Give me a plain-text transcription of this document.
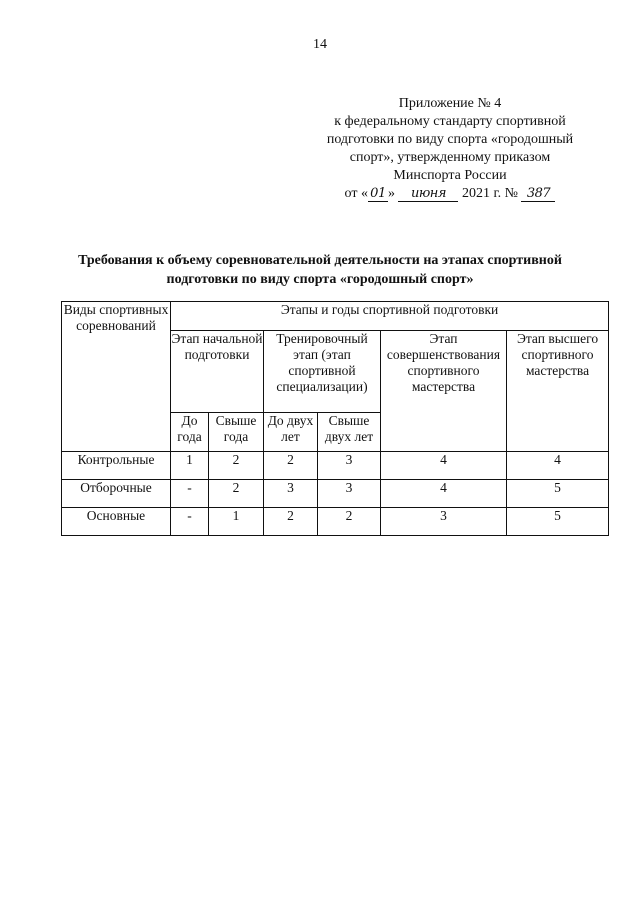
14
Приложение № 4
к федеральному стандарту спортивной
подготовки по виду спорта «городошный
спорт», утвержденному приказом
Минспорта России
от « 01 » июня 2021 г. № 387
Требования к объему соревновательной деятельности на этапах спортивной
подготовки по виду спорта «городошный спорт»
Виды спортивных соревнований	Этапы и годы спортивной подготовки					
	Этап начальной подготовки		Тренировочный этап (этап спортивной специализации)		Этап совершенствования спортивного мастерства	Этап высшего спортивного мастерства
	До года	Свыше года	До двух лет	Свыше двух лет		
Контрольные	1	2	2	3	4	4
Отборочные	-	2	3	3	4	5
Основные	-	1	2	2	3	5
